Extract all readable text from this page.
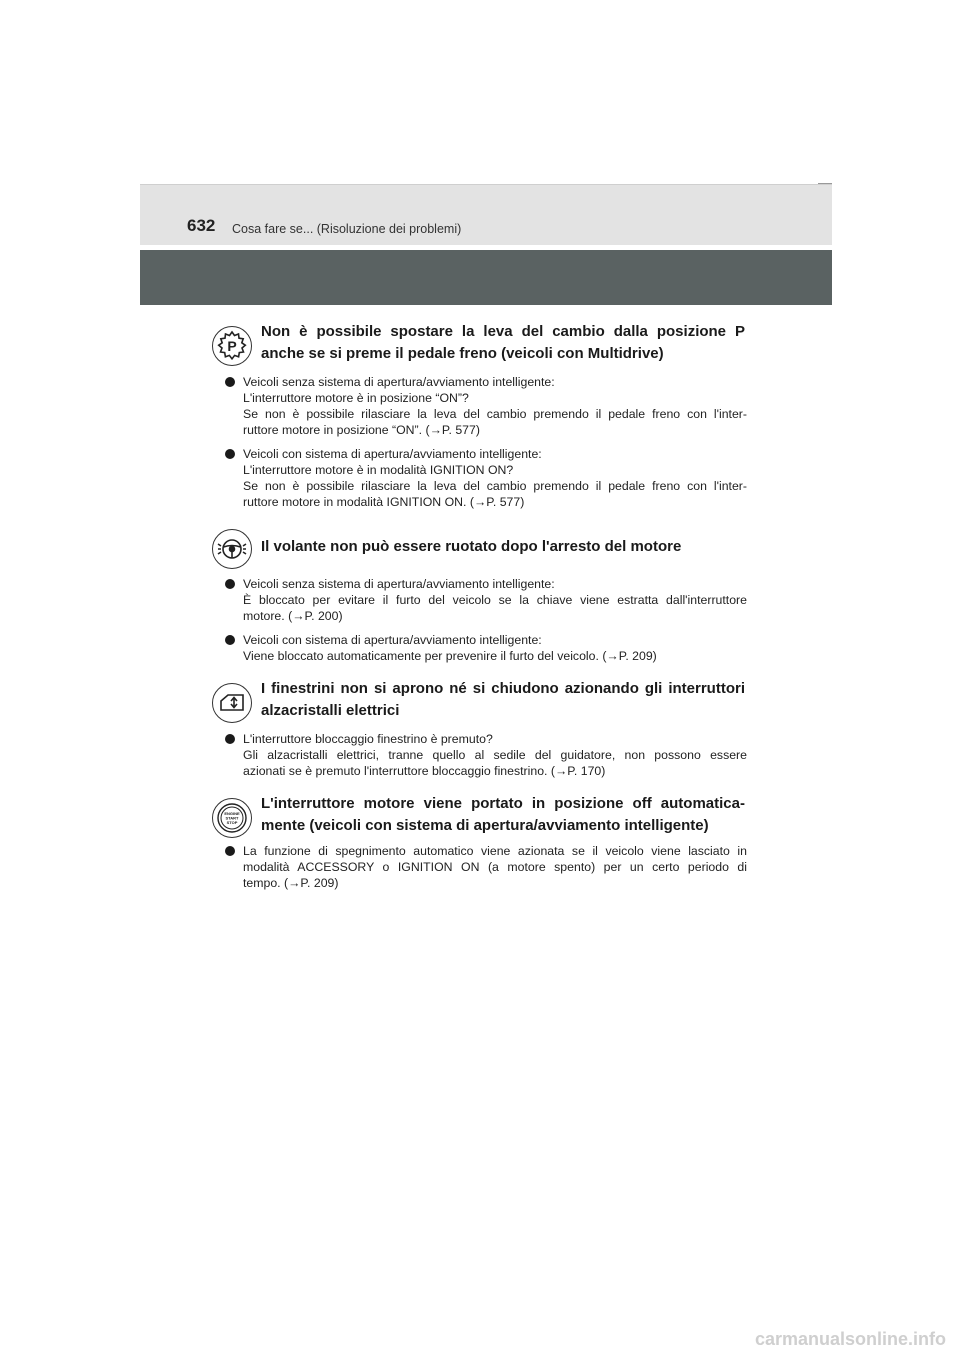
632 Cosa fare se... (Risoluzione dei problemi)
P
Non è possibile spostare la leva del cambio dalla posizione P
anche se si preme il pedale freno (veicoli con Multidrive)
Veicoli senza sistema di apertura/avviamento intelligente:
L'interruttore motore è in posizione “ON”?
Se non è possibile rilasciare la leva del cambio premendo il pedale freno con l'inter-
ruttore motore in posizione “ON”. (→P. 577)
Veicoli con sistema di apertura/avviamento intelligente:
L'interruttore motore è in modalità IGNITION ON?
Se non è possibile rilasciare la leva del cambio premendo il pedale freno con l'inter-
ruttore motore in modalità IGNITION ON. (→P. 577)
Il volante non può essere ruotato dopo l'arresto del motore
Veicoli senza sistema di apertura/avviamento intelligente:
È bloccato per evitare il furto del veicolo se la chiave viene estratta dall'interruttore
motore. (→P. 200)
Veicoli con sistema di apertura/avviamento intelligente:
Viene bloccato automaticamente per prevenire il furto del veicolo. (→P. 209)
I finestrini non si aprono né si chiudono azionando gli interruttori
alzacristalli elettrici
L'interruttore bloccaggio finestrino è premuto?
Gli alzacristalli elettrici, tranne quello al sedile del guidatore, non possono essere
azionati se è premuto l'interruttore bloccaggio finestrino. (→P. 170)
ENGINE
START
STOP
L'interruttore motore viene portato in posizione off automatica-
mente (veicoli con sistema di apertura/avviamento intelligente)
La funzione di spegnimento automatico viene azionata se il veicolo viene lasciato in
modalità ACCESSORY o IGNITION ON (a motore spento) per un certo periodo di
tempo. (→P. 209)
carmanualsonline.info
